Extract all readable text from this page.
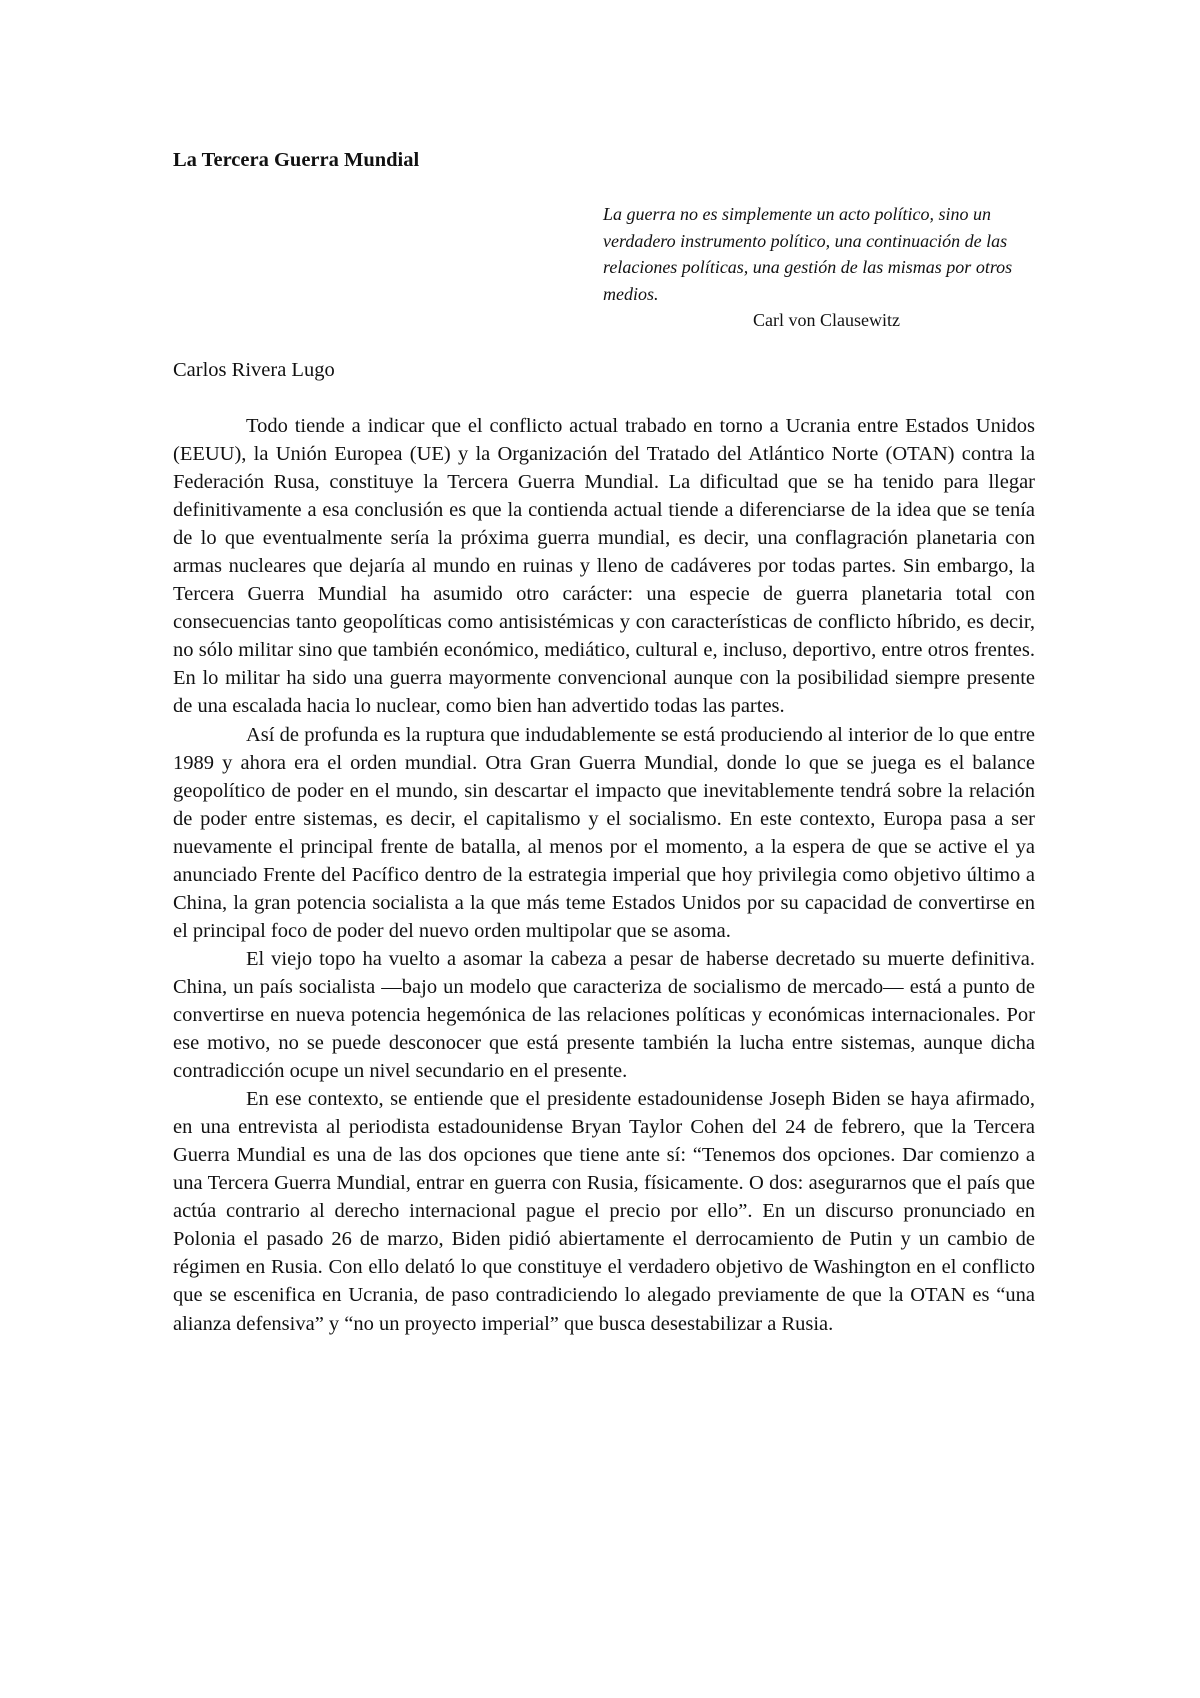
La Tercera Guerra Mundial

La guerra no es simplemente un acto político, sino un verdadero instrumento político, una continuación de las relaciones políticas, una gestión de las mismas por otros medios.

Carl von Clausewitz

Carlos Rivera Lugo

Todo tiende a indicar que el conflicto actual trabado en torno a Ucrania entre Estados Unidos (EEUU), la Unión Europea (UE) y la Organización del Tratado del Atlántico Norte (OTAN) contra la Federación Rusa, constituye la Tercera Guerra Mundial. La dificultad que se ha tenido para llegar definitivamente a esa conclusión es que la contienda actual tiende a diferenciarse de la idea que se tenía de lo que eventualmente sería la próxima guerra mundial, es decir, una conflagración planetaria con armas nucleares que dejaría al mundo en ruinas y lleno de cadáveres por todas partes. Sin embargo, la Tercera Guerra Mundial ha asumido otro carácter: una especie de guerra planetaria total con consecuencias tanto geopolíticas como antisistémicas y con características de conflicto híbrido, es decir, no sólo militar sino que también económico, mediático, cultural e, incluso, deportivo, entre otros frentes. En lo militar ha sido una guerra mayormente convencional aunque con la posibilidad siempre presente de una escalada hacia lo nuclear, como bien han advertido todas las partes.

Así de profunda es la ruptura que indudablemente se está produciendo al interior de lo que entre 1989 y ahora era el orden mundial. Otra Gran Guerra Mundial, donde lo que se juega es el balance geopolítico de poder en el mundo, sin descartar el impacto que inevitablemente tendrá sobre la relación de poder entre sistemas, es decir, el capitalismo y el socialismo. En este contexto, Europa pasa a ser nuevamente el principal frente de batalla, al menos por el momento, a la espera de que se active el ya anunciado Frente del Pacífico dentro de la estrategia imperial que hoy privilegia como objetivo último a China, la gran potencia socialista a la que más teme Estados Unidos por su capacidad de convertirse en el principal foco de poder del nuevo orden multipolar que se asoma.

El viejo topo ha vuelto a asomar la cabeza a pesar de haberse decretado su muerte definitiva. China, un país socialista —bajo un modelo que caracteriza de socialismo de mercado— está a punto de convertirse en nueva potencia hegemónica de las relaciones políticas y económicas internacionales. Por ese motivo, no se puede desconocer que está presente también la lucha entre sistemas, aunque dicha contradicción ocupe un nivel secundario en el presente.

En ese contexto, se entiende que el presidente estadounidense Joseph Biden se haya afirmado, en una entrevista al periodista estadounidense Bryan Taylor Cohen del 24 de febrero, que la Tercera Guerra Mundial es una de las dos opciones que tiene ante sí: “Tenemos dos opciones. Dar comienzo a una Tercera Guerra Mundial, entrar en guerra con Rusia, físicamente. O dos: asegurarnos que el país que actúa contrario al derecho internacional pague el precio por ello”. En un discurso pronunciado en Polonia el pasado 26 de marzo, Biden pidió abiertamente el derrocamiento de Putin y un cambio de régimen en Rusia. Con ello delató lo que constituye el verdadero objetivo de Washington en el conflicto que se escenifica en Ucrania, de paso contradiciendo lo alegado previamente de que la OTAN es “una alianza defensiva” y “no un proyecto imperial” que busca desestabilizar a Rusia.
